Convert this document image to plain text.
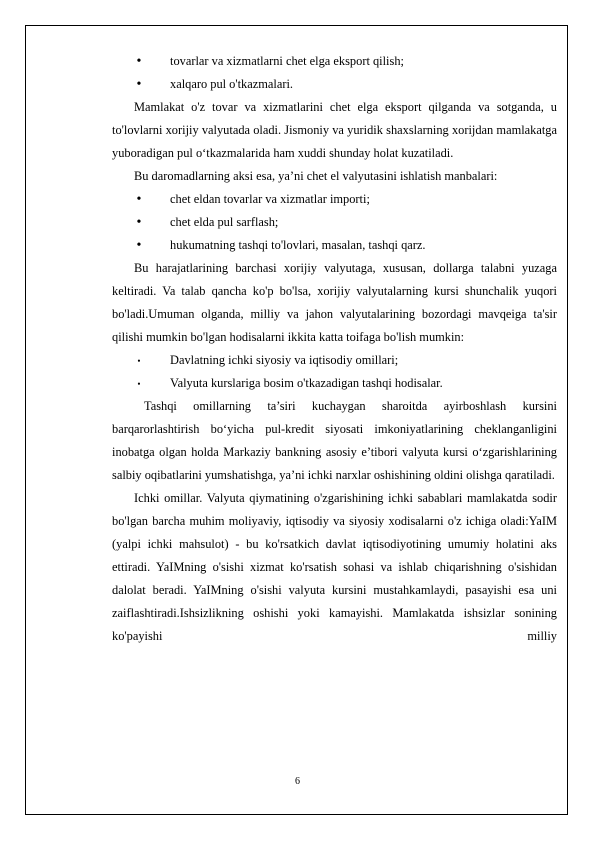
• tovarlar va xizmatlarni chet elga eksport qilish;
• xalqaro pul o'tkazmalari.

Mamlakat o'z tovar va xizmatlarini chet elga eksport qilganda va sotganda, u to'lovlarni xorijiy valyutada oladi. Jismoniy va yuridik shaxslarning xorijdan mamlakatga yuboradigan pul o‘tkazmalarida ham xuddi shunday holat kuzatiladi.

Bu daromadlarning aksi esa, ya’ni chet el valyutasini ishlatish manbalari:

• chet eldan tovarlar va xizmatlar importi;
• chet elda pul sarflash;
• hukumatning tashqi to'lovlari, masalan, tashqi qarz.

Bu harajatlarining barchasi xorijiy valyutaga, xususan, dollarga talabni yuzaga keltiradi. Va talab qancha ko'p bo'lsa, xorijiy valyutalarning kursi shunchalik yuqori bo'ladi.Umuman olganda, milliy va jahon valyutalarining bozordagi mavqeiga ta'sir qilishi mumkin bo'lgan hodisalarni ikkita katta toifaga bo'lish mumkin:

• Davlatning ichki siyosiy va iqtisodiy omillari;
• Valyuta kurslariga bosim o'tkazadigan tashqi hodisalar.

Tashqi omillarning ta’siri kuchaygan sharoitda ayirboshlash kursini barqarorlashtirish bo‘yicha pul-kredit siyosati imkoniyatlarining cheklanganligini inobatga olgan holda Markaziy bankning asosiy e’tibori valyuta kursi o‘zgarishlarining salbiy oqibatlarini yumshatishga, ya’ni ichki narxlar oshishining oldini olishga qaratiladi.

Ichki omillar. Valyuta qiymatining o'zgarishining ichki sabablari mamlakatda sodir bo'lgan barcha muhim moliyaviy, iqtisodiy va siyosiy xodisalarni o'z ichiga oladi:YaIM (yalpi ichki mahsulot) - bu ko'rsatkich davlat iqtisodiyotining umumiy holatini aks ettiradi. YaIMning o'sishi xizmat ko'rsatish sohasi va ishlab chiqarishning o'sishidan dalolat beradi. YaIMning o'sishi valyuta kursini mustahkamlaydi, pasayishi esa uni zaiflashtiradi.Ishsizlikning oshishi yoki kamayishi. Mamlakatda ishsizlar sonining ko'payishi milliy

6
